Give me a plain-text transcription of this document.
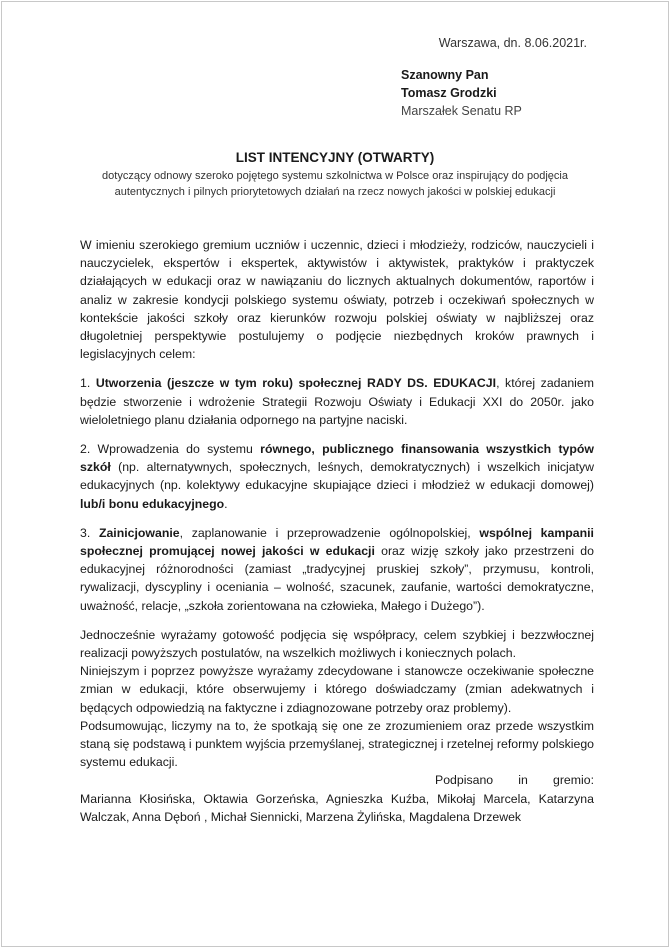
Warszawa, dn. 8.06.2021r.
Szanowny Pan
Tomasz Grodzki
Marszałek Senatu RP
LIST INTENCYJNY (OTWARTY)
dotyczący odnowy szeroko pojętego systemu szkolnictwa w Polsce oraz inspirujący do podjęcia autentycznych i pilnych priorytetowych działań na rzecz nowych jakości w polskiej edukacji

W imieniu szerokiego gremium uczniów i uczennic, dzieci i młodzieży, rodziców, nauczycieli i nauczycielek, ekspertów i ekspertek, aktywistów i aktywistek, praktyków i praktyczek działających w edukacji oraz w nawiązaniu do licznych aktualnych dokumentów, raportów i analiz w zakresie kondycji polskiego systemu oświaty, potrzeb i oczekiwań społecznych w kontekście jakości szkoły oraz kierunków rozwoju polskiej oświaty w najbliższej oraz długoletniej perspektywie postulujemy o podjęcie niezbędnych kroków prawnych i legislacyjnych celem:

1. Utworzenia (jeszcze w tym roku) społecznej RADY DS. EDUKACJI, której zadaniem będzie stworzenie i wdrożenie Strategii Rozwoju Oświaty i Edukacji XXI do 2050r. jako wieloletniego planu działania odpornego na partyjne naciski.

2. Wprowadzenia do systemu równego, publicznego finansowania wszystkich typów szkół (np. alternatywnych, społecznych, leśnych, demokratycznych) i wszelkich inicjatyw edukacyjnych (np. kolektywy edukacyjne skupiające dzieci i młodzież w edukacji domowej) lub/i bonu edukacyjnego.

3. Zainicjowanie, zaplanowanie i przeprowadzenie ogólnopolskiej, wspólnej kampanii społecznej promującej nowej jakości w edukacji oraz wizję szkoły jako przestrzeni do edukacyjnej różnorodności (zamiast „tradycyjnej pruskiej szkoły”, przymusu, kontroli, rywalizacji, dyscypliny i oceniania – wolność, szacunek, zaufanie, wartości demokratyczne, uważność, relacje, „szkoła zorientowana na człowieka, Małego i Dużego”).

Jednocześnie wyrażamy gotowość podjęcia się współpracy, celem szybkiej i bezzwłocznej realizacji powyższych postulatów, na wszelkich możliwych i koniecznych polach.

Niniejszym i poprzez powyższe wyrażamy zdecydowane i stanowcze oczekiwanie społeczne zmian w edukacji, które obserwujemy i którego doświadczamy (zmian adekwatnych i będących odpowiedzią na faktyczne i zdiagnozowane potrzeby oraz problemy).

Podsumowując, liczymy na to, że spotkają się one ze zrozumieniem oraz przede wszystkim staną się podstawą i punktem wyjścia przemyślanej, strategicznej i rzetelnej reformy polskiego systemu edukacji.

Podpisano in gremio:

Marianna Kłosińska, Oktawia Gorzeńska, Agnieszka Kuźba, Mikołaj Marcela, Katarzyna Walczak, Anna Dęboń , Michał Siennicki, Marzena Żylińska, Magdalena Drzewek
